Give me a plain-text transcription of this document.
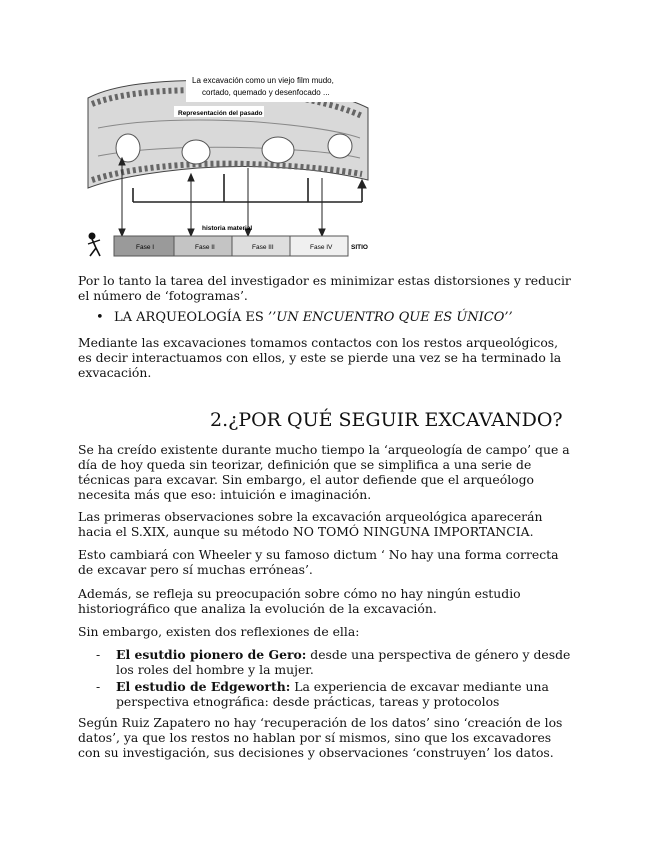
La excavación como un viejo film mudo,
cortado, quemado y desenfocado ...
Representación del pasado
historia material
Fase I	Fase II	Fase III	Fase IV	SITIO
Por lo tanto la tarea del investigador es minimizar estas distorsiones y reducir el número de ‘fotogramas’.
• LA ARQUEOLOGÍA ES ’’UN ENCUENTRO QUE ES ÚNICO’’
Mediante las excavaciones tomamos contactos con los restos arqueológicos, es decir interactuamos con ellos, y este se pierde una vez se ha terminado la exvacación.
2.¿POR QUÉ SEGUIR EXCAVANDO?
Se ha creído existente durante mucho tiempo la ‘arqueología de campo’ que a día de hoy queda sin teorizar, definición que se simplifica a una serie de técnicas para excavar. Sin embargo, el autor defiende que el arqueólogo necesita más que eso: intuición e imaginación.
Las primeras observaciones sobre la excavación arqueológica aparecerán hacia el S.XIX, aunque su método NO TOMÓ NINGUNA IMPORTANCIA.
Esto cambiará con Wheeler y su famoso dictum ‘ No hay una forma correcta de excavar pero sí muchas erróneas’.
Además, se refleja su preocupación sobre cómo no hay ningún estudio historiográfico que analiza la evolución de la excavación.
Sin embargo, existen dos reflexiones de ella:
- El esutdio pionero de Gero: desde una perspectiva de género y desde los roles del hombre y la mujer.
- El estudio de Edgeworth: La experiencia de excavar mediante una perspectiva etnográfica: desde prácticas, tareas y protocolos
Según Ruiz Zapatero no hay ‘recuperación de los datos’ sino ‘creación de los datos’, ya que los restos no hablan por sí mismos, sino que los excavadores con su investigación, sus decisiones y observaciones ‘construyen’ los datos.
